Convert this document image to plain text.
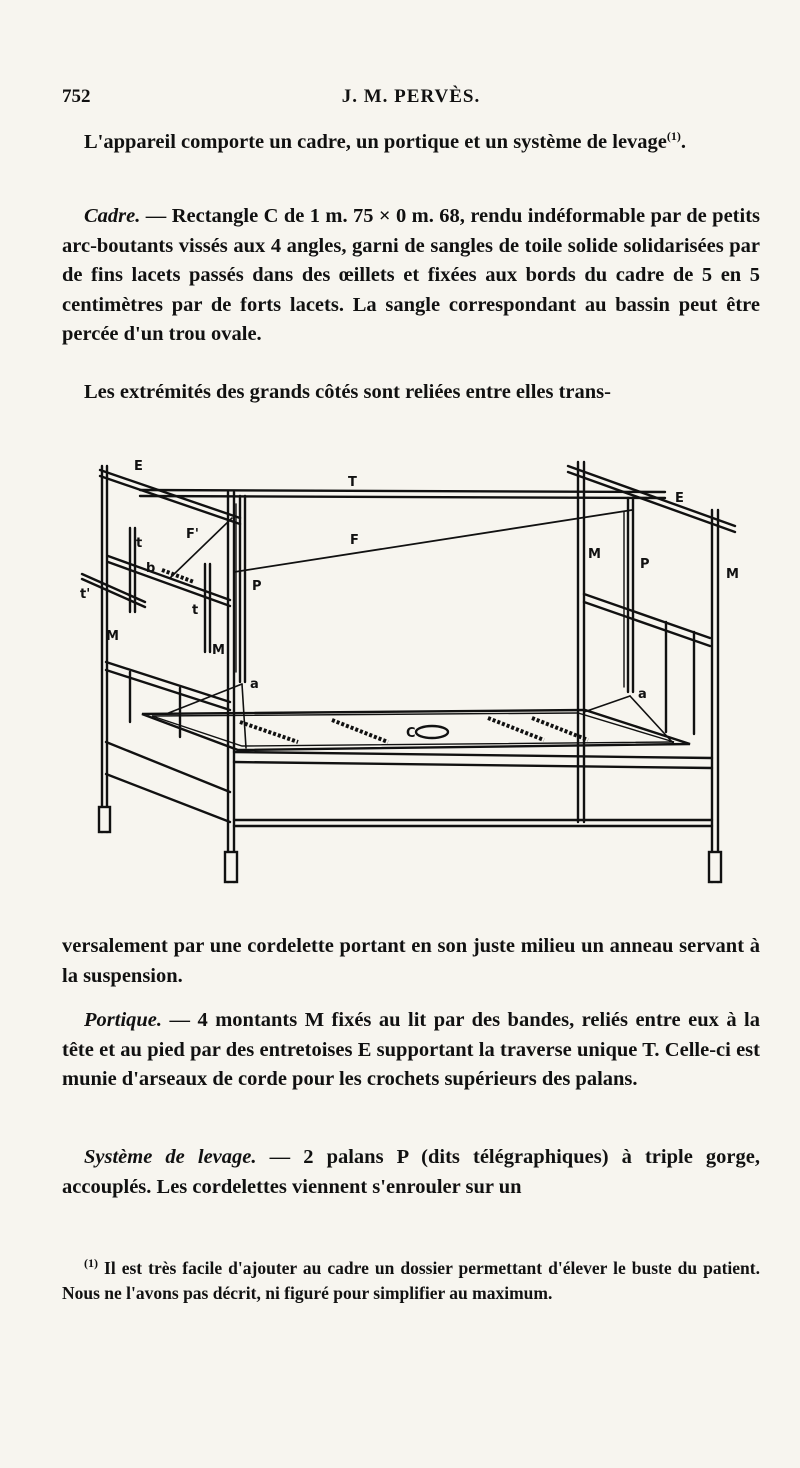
752	J. M. PERVÈS.
L'appareil comporte un cadre, un portique et un système de levage$^{(1)}$.
Cadre. — Rectangle C de 1 m. 75 × 0 m. 68, rendu indéformable par de petits arc-boutants vissés aux 4 angles, garni de sangles de toile solide solidarisées par de fins lacets passés dans des œillets et fixées aux bords du cadre de 5 en 5 centimètres par de forts lacets. La sangle correspondant au bassin peut être percée d'un trou ovale.
Les extrémités des grands côtés sont reliées entre elles trans-
E
E
T
F'	F
t
b
t'
t
P
P
M
M
M
M
a
a
C
versalement par une cordelette portant en son juste milieu un anneau servant à la suspension.
Portique. — 4 montants M fixés au lit par des bandes, reliés entre eux à la tête et au pied par des entretoises E supportant la traverse unique T. Celle-ci est munie d'arseaux de corde pour les crochets supérieurs des palans.
Système de levage. — 2 palans P (dits télégraphiques) à triple gorge, accouplés. Les cordelettes viennent s'enrouler sur un
$^{(1)}$ Il est très facile d'ajouter au cadre un dossier permettant d'élever le buste du patient. Nous ne l'avons pas décrit, ni figuré pour simplifier au maximum.
